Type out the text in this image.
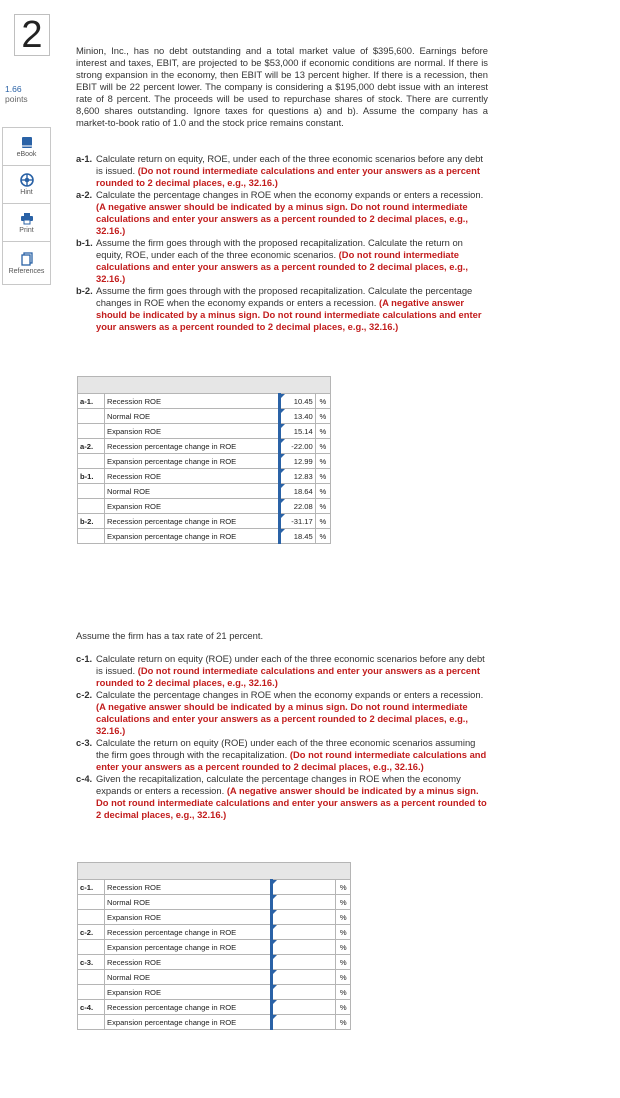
2
1.66
points
eBook
Hint
Print
References
Minion, Inc., has no debt outstanding and a total market value of $395,600. Earnings before interest and taxes, EBIT, are projected to be $53,000 if economic conditions are normal. If there is strong expansion in the economy, then EBIT will be 13 percent higher. If there is a recession, then EBIT will be 22 percent lower. The company is considering a $195,000 debt issue with an interest rate of 8 percent. The proceeds will be used to repurchase shares of stock. There are currently 8,600 shares outstanding. Ignore taxes for questions a) and b). Assume the company has a market-to-book ratio of 1.0 and the stock price remains constant.
a-1. Calculate return on equity, ROE, under each of the three economic scenarios before any debt is issued. (Do not round intermediate calculations and enter your answers as a percent rounded to 2 decimal places, e.g., 32.16.)
a-2. Calculate the percentage changes in ROE when the economy expands or enters a recession. (A negative answer should be indicated by a minus sign. Do not round intermediate calculations and enter your answers as a percent rounded to 2 decimal places, e.g., 32.16.)
b-1. Assume the firm goes through with the proposed recapitalization. Calculate the return on equity, ROE, under each of the three economic scenarios. (Do not round intermediate calculations and enter your answers as a percent rounded to 2 decimal places, e.g., 32.16.)
b-2. Assume the firm goes through with the proposed recapitalization. Calculate the percentage changes in ROE when the economy expands or enters a recession. (A negative answer should be indicated by a minus sign. Do not round intermediate calculations and enter your answers as a percent rounded to 2 decimal places, e.g., 32.16.)

a-1.	Recession ROE	10.45	%
	Normal ROE	13.40	%
	Expansion ROE	15.14	%
a-2.	Recession percentage change in ROE	-22.00	%
	Expansion percentage change in ROE	12.99	%
b-1.	Recession ROE	12.83	%
	Normal ROE	18.64	%
	Expansion ROE	22.08	%
b-2.	Recession percentage change in ROE	-31.17	%
	Expansion percentage change in ROE	18.45	%
Assume the firm has a tax rate of 21 percent.
c-1. Calculate return on equity (ROE) under each of the three economic scenarios before any debt is issued. (Do not round intermediate calculations and enter your answers as a percent rounded to 2 decimal places, e.g., 32.16.)
c-2. Calculate the percentage changes in ROE when the economy expands or enters a recession. (A negative answer should be indicated by a minus sign. Do not round intermediate calculations and enter your answers as a percent rounded to 2 decimal places, e.g., 32.16.)
c-3. Calculate the return on equity (ROE) under each of the three economic scenarios assuming the firm goes through with the recapitalization. (Do not round intermediate calculations and enter your answers as a percent rounded to 2 decimal places, e.g., 32.16.)
c-4. Given the recapitalization, calculate the percentage changes in ROE when the economy expands or enters a recession. (A negative answer should be indicated by a minus sign. Do not round intermediate calculations and enter your answers as a percent rounded to 2 decimal places, e.g., 32.16.)

c-1.	Recession ROE		%
	Normal ROE		%
	Expansion ROE		%
c-2.	Recession percentage change in ROE		%
	Expansion percentage change in ROE		%
c-3.	Recession ROE		%
	Normal ROE		%
	Expansion ROE		%
c-4.	Recession percentage change in ROE		%
	Expansion percentage change in ROE		%
